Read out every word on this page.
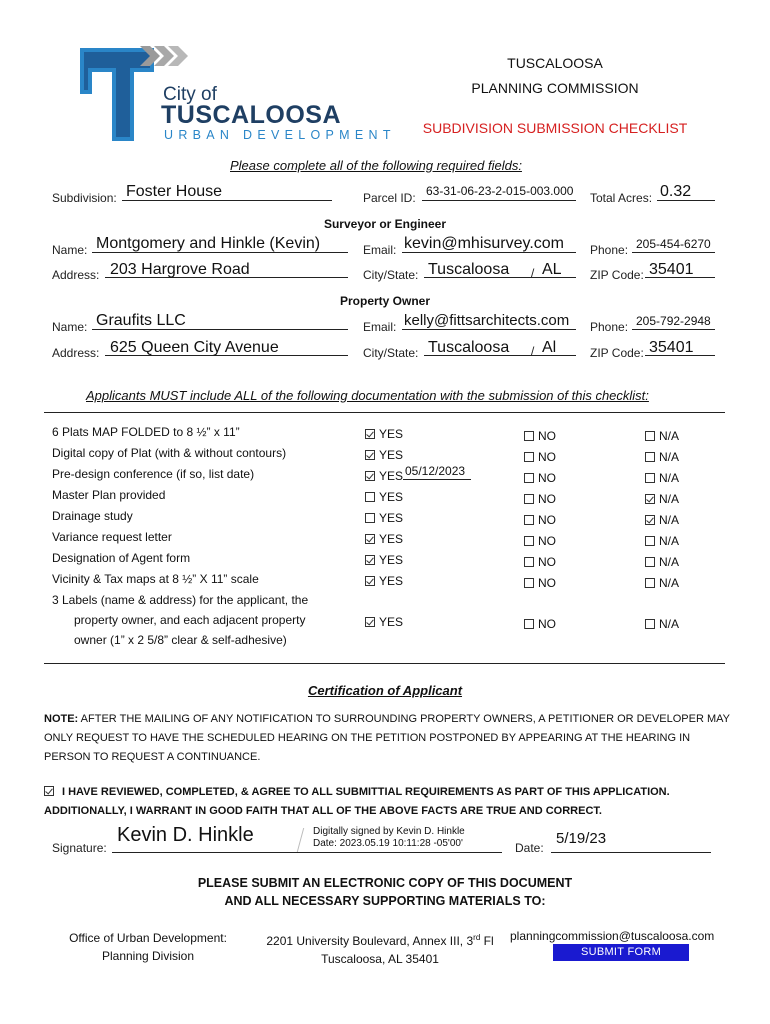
City of
TUSCALOOSA
URBAN DEVELOPMENT
TUSCALOOSA
PLANNING COMMISSION
SUBDIVISION SUBMISSION CHECKLIST
Please complete all of the following required fields:
Subdivision: Foster House	Parcel ID: 63-31-06-23-2-015-003.000 Total Acres: 0.32
Surveyor or Engineer
Name: Montgomery and Hinkle (Kevin)	Email: kevin@mhisurvey.com Phone: 205-454-6270
Address: 203 Hargrove Road	City/State: Tuscaloosa / AL ZIP Code: 35401
Property Owner
Name: Graufits LLC	Email: kelly@fittsarchitects.com Phone: 205-792-2948
Address: 625 Queen City Avenue	City/State: Tuscaloosa / Al	ZIP Code: 35401
Applicants MUST include ALL of the following documentation with the submission of this checklist:
6 Plats MAP FOLDED to 8 ½” x 11”	YES	NO	N/A
Digital copy of Plat (with & without contours)	YES	NO	N/A
Pre-design conference (if so, list date)	YES	NO	N/A
05/12/2023
Master Plan provided	YES	NO	N/A
Drainage study	YES	NO	N/A
Variance request letter	YES	NO	N/A
Designation of Agent form	YES	NO	N/A
Vicinity & Tax maps at 8 ½” X 11” scale	YES	NO	N/A
3 Labels (name & address) for the applicant, the
property owner, and each adjacent property
owner (1” x 2 5/8” clear & self-adhesive)
YES	NO	N/A
Certification of Applicant
NOTE: AFTER THE MAILING OF ANY NOTIFICATION TO SURROUNDING PROPERTY OWNERS, A PETITIONER OR DEVELOPER MAY ONLY REQUEST TO HAVE THE SCHEDULED HEARING ON THE PETITION POSTPONED BY APPEARING AT THE HEARING IN PERSON TO REQUEST A CONTINUANCE.
I HAVE REVIEWED, COMPLETED, & AGREE TO ALL SUBMITTIAL REQUIREMENTS AS PART OF THIS APPLICATION. ADDITIONALLY, I WARRANT IN GOOD FAITH THAT ALL OF THE ABOVE FACTS ARE TRUE AND CORRECT.
Signature:
Kevin D. Hinkle	Digitally signed by Kevin D. Hinkle
Date: 2023.05.19 10:11:28 -05'00'	Date:
5/19/23
PLEASE SUBMIT AN ELECTRONIC COPY OF THIS DOCUMENT
AND ALL NECESSARY SUPPORTING MATERIALS TO:
Office of Urban Development:
Planning Division
2201 University Boulevard, Annex III, 3rd Fl
Tuscaloosa, AL 35401
planningcommission@tuscaloosa.com
SUBMIT FORM
